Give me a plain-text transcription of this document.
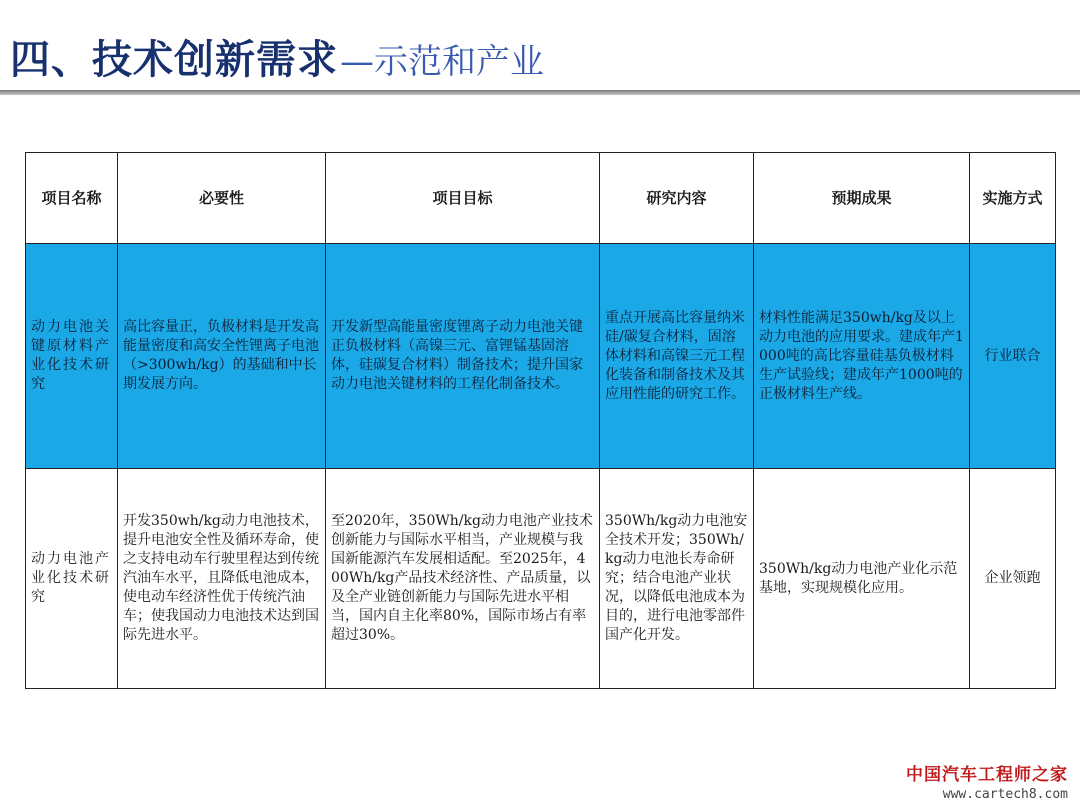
四、技术创新需求 —示范和产业
项目名称	必要性	项目目标	研究内容	预期成果	实施方式
动力电池关键原材料产业化技术研究	高比容量正，负极材料是开发高能量密度和高安全性锂离子电池（>300wh/kg）的基础和中长期发展方向。	开发新型高能量密度锂离子动力电池关键正负极材料（高镍三元、富锂锰基固溶体，硅碳复合材料）制备技术；提升国家动力电池关键材料的工程化制备技术。	重点开展高比容量纳米硅/碳复合材料，固溶体材料和高镍三元工程化装备和制备技术及其应用性能的研究工作。	材料性能满足350wh/kg及以上动力电池的应用要求。建成年产1000吨的高比容量硅基负极材料生产试验线；建成年产1000吨的正极材料生产线。	行业联合
动力电池产业化技术研究	开发350wh/kg动力电池技术，提升电池安全性及循环寿命，使之支持电动车行驶里程达到传统汽油车水平，且降低电池成本，使电动车经济性优于传统汽油车；使我国动力电池技术达到国际先进水平。	至2020年，350Wh/kg动力电池产业技术创新能力与国际水平相当，产业规模与我国新能源汽车发展相适配。至2025年，400Wh/kg产品技术经济性、产品质量，以及全产业链创新能力与国际先进水平相当，国内自主化率80%，国际市场占有率超过30%。	350Wh/kg动力电池安全技术开发；350Wh/kg动力电池长寿命研究；结合电池产业状况，以降低电池成本为目的，进行电池零部件国产化开发。	350Wh/kg动力电池产业化示范基地，实现规模化应用。	企业领跑
中国汽车工程师之家
www.cartech8.com
